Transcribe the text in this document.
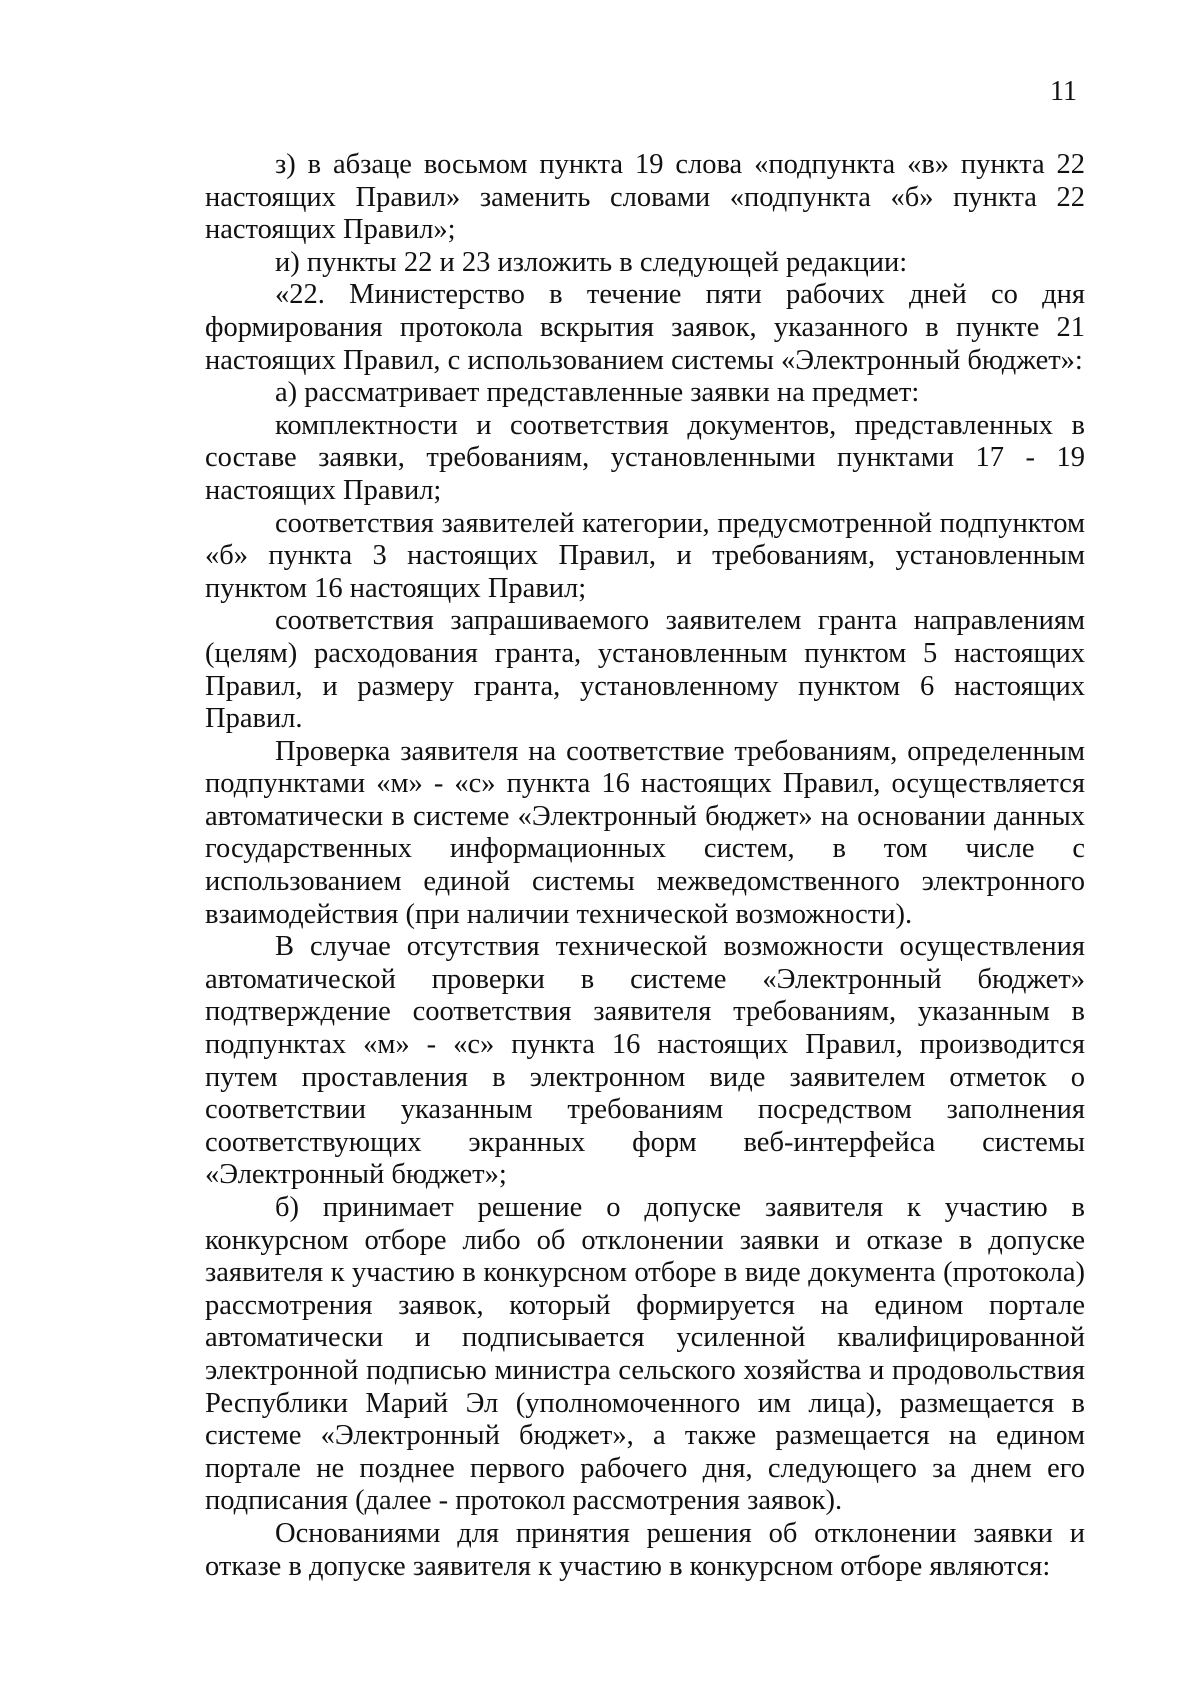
11

з) в абзаце восьмом пункта 19 слова «подпункта «в» пункта 22 настоящих Правил» заменить словами «подпункта «б» пункта 22 настоящих Правил»;

и) пункты 22 и 23 изложить в следующей редакции:

«22. Министерство в течение пяти рабочих дней со дня формирования протокола вскрытия заявок, указанного в пункте 21 настоящих Правил, с использованием системы «Электронный бюджет»:

а) рассматривает представленные заявки на предмет:

комплектности и соответствия документов, представленных в составе заявки, требованиям, установленными пунктами 17 - 19 настоящих Правил;

соответствия заявителей категории, предусмотренной подпунктом «б» пункта 3 настоящих Правил, и требованиям, установленным пунктом 16 настоящих Правил;

соответствия запрашиваемого заявителем гранта направлениям (целям) расходования гранта, установленным пунктом 5 настоящих Правил, и размеру гранта, установленному пунктом 6 настоящих Правил.

Проверка заявителя на соответствие требованиям, определенным подпунктами «м» - «с» пункта 16 настоящих Правил, осуществляется автоматически в системе «Электронный бюджет» на основании данных государственных информационных систем, в том числе с использованием единой системы межведомственного электронного взаимодействия (при наличии технической возможности).

В случае отсутствия технической возможности осуществления автоматической проверки в системе «Электронный бюджет» подтверждение соответствия заявителя требованиям, указанным в подпунктах «м» - «с» пункта 16 настоящих Правил, производится путем проставления в электронном виде заявителем отметок о соответствии указанным требованиям посредством заполнения соответствующих экранных форм веб-интерфейса системы «Электронный бюджет»;

б) принимает решение о допуске заявителя к участию в конкурсном отборе либо об отклонении заявки и отказе в допуске заявителя к участию в конкурсном отборе в виде документа (протокола) рассмотрения заявок, который формируется на едином портале автоматически и подписывается усиленной квалифицированной электронной подписью министра сельского хозяйства и продовольствия Республики Марий Эл (уполномоченного им лица), размещается в системе «Электронный бюджет», а также размещается на едином портале не позднее первого рабочего дня, следующего за днем его подписания (далее - протокол рассмотрения заявок).

Основаниями для принятия решения об отклонении заявки и отказе в допуске заявителя к участию в конкурсном отборе являются:
